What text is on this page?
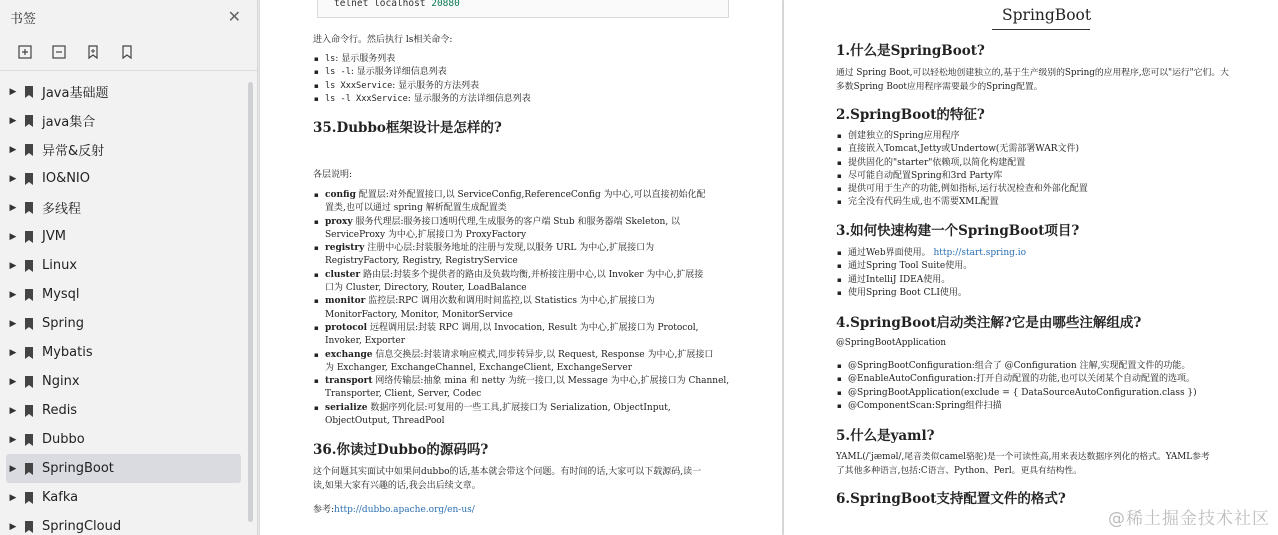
书签	✕
▶ Java基础题
▶ java集合
▶ 异常&反射
▶ IO&NIO
▶ 多线程
▶ JVM
▶ Linux
▶ Mysql
▶ Spring
▶ Mybatis
▶ Nginx
▶ Redis
▶ Dubbo
▶ SpringBoot
▶ Kafka
▶ SpringCloud
telnet localhost 20880
进入命令行。然后执行 ls相关命令:
▪ ls: 显示服务列表
▪ ls -l: 显示服务详细信息列表
▪ ls XxxService: 显示服务的方法列表
▪ ls -l XxxService: 显示服务的方法详细信息列表
35.Dubbo框架设计是怎样的?
各层说明:
▪ config 配置层:对外配置接口,以 ServiceConfig,ReferenceConfig 为中心,可以直接初始化配
置类,也可以通过 spring 解析配置生成配置类
▪ proxy 服务代理层:服务接口透明代理,生成服务的客户端 Stub 和服务器端 Skeleton, 以
ServiceProxy 为中心,扩展接口为 ProxyFactory
▪ registry 注册中心层:封装服务地址的注册与发现,以服务 URL 为中心,扩展接口为
RegistryFactory, Registry, RegistryService
▪ cluster 路由层:封装多个提供者的路由及负载均衡,并桥接注册中心,以 Invoker 为中心,扩展接
口为 Cluster, Directory, Router, LoadBalance
▪ monitor 监控层:RPC 调用次数和调用时间监控,以 Statistics 为中心,扩展接口为
MonitorFactory, Monitor, MonitorService
▪ protocol 远程调用层:封装 RPC 调用,以 Invocation, Result 为中心,扩展接口为 Protocol,
Invoker, Exporter
▪ exchange 信息交换层:封装请求响应模式,同步转异步,以 Request, Response 为中心,扩展接口
为 Exchanger, ExchangeChannel, ExchangeClient, ExchangeServer
▪ transport 网络传输层:抽象 mina 和 netty 为统一接口,以 Message 为中心,扩展接口为 Channel,
Transporter, Client, Server, Codec
▪ serialize 数据序列化层:可复用的一些工具,扩展接口为 Serialization, ObjectInput,
ObjectOutput, ThreadPool
36.你读过Dubbo的源码吗?
这个问题其实面试中如果问dubbo的话,基本就会带这个问题。有时间的话,大家可以下载源码,读一
读,如果大家有兴趣的话,我会出后续文章。
参考:http://dubbo.apache.org/en-us/
SpringBoot
1.什么是SpringBoot?
通过 Spring Boot,可以轻松地创建独立的,基于生产级别的Spring的应用程序,您可以"运行"它们。大
多数Spring Boot应用程序需要最少的Spring配置。
2.SpringBoot的特征?
▪ 创建独立的Spring应用程序
▪ 直接嵌入Tomcat,Jetty或Undertow(无需部署WAR文件)
▪ 提供固化的"starter"依赖项,以简化构建配置
▪ 尽可能自动配置Spring和3rd Party库
▪ 提供可用于生产的功能,例如指标,运行状况检查和外部化配置
▪ 完全没有代码生成,也不需要XML配置
3.如何快速构建一个SpringBoot项目?
▪ 通过Web界面使用。 http://start.spring.io
▪ 通过Spring Tool Suite使用。
▪ 通过IntelliJ IDEA使用。
▪ 使用Spring Boot CLI使用。
4.SpringBoot启动类注解?它是由哪些注解组成?
@SpringBootApplication
▪ @SpringBootConfiguration:组合了 @Configuration 注解,实现配置文件的功能。
▪ @EnableAutoConfiguration:打开自动配置的功能,也可以关闭某个自动配置的选项。
▪ @SpringBootApplication(exclude = { DataSourceAutoConfiguration.class })
▪ @ComponentScan:Spring组件扫描
5.什么是yaml?
YAML(/ˈjæməl/,尾音类似camel骆驼)是一个可读性高,用来表达数据序列化的格式。YAML参考
了其他多种语言,包括:C语言、Python、Perl。更具有结构性。
6.SpringBoot支持配置文件的格式?
@稀土掘金技术社区
